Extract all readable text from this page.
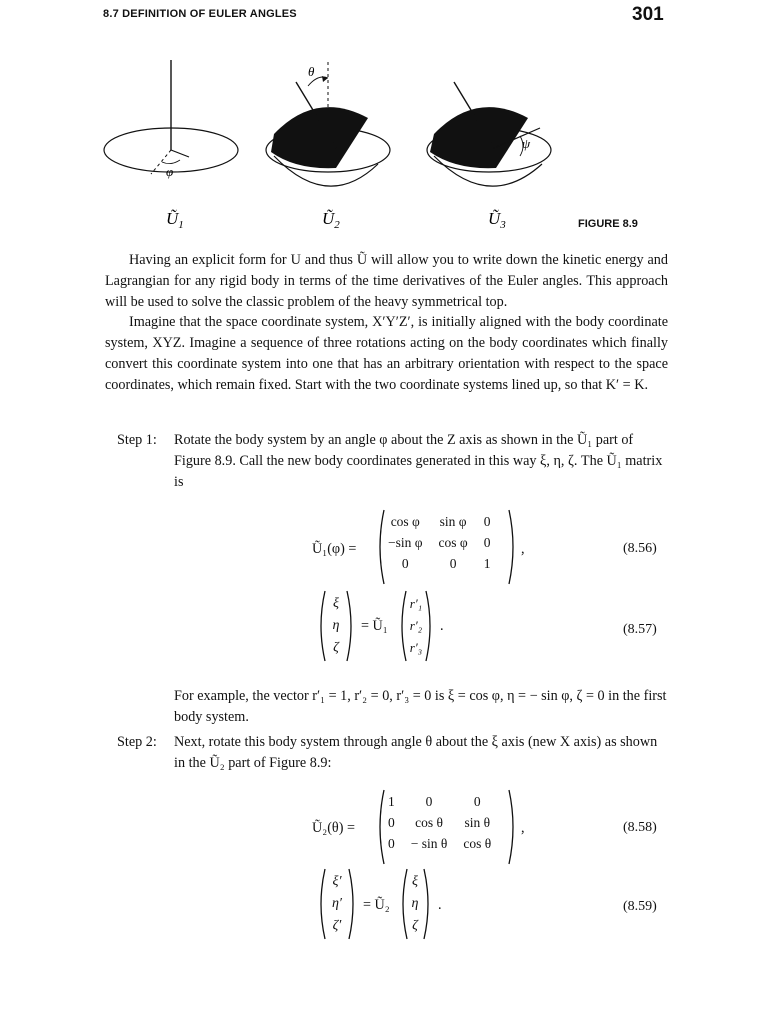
8.7 DEFINITION OF EULER ANGLES	301
φ
θ
ψ
$Ũ_1$	$Ũ_2$	$Ũ_3$	FIGURE 8.9

Having an explicit form for U and thus Ũ will allow you to write down the kinetic energy and Lagrangian for any rigid body in terms of the time derivatives of the Euler angles. This approach will be used to solve the classic problem of the heavy symmetrical top.

Imagine that the space coordinate system, X′Y′Z′, is initially aligned with the body coordinate system, XYZ. Imagine a sequence of three rotations acting on the body coordinates which finally convert this coordinate system into one that has an arbitrary orientation with respect to the space coordinates, which remain fixed. Start with the two coordinate systems lined up, so that K′ = K.

Step 1: Rotate the body system by an angle φ about the Z axis as shown in the Ũ₁ part of Figure 8.9. Call the new body coordinates generated in this way ξ, η, ζ. The Ũ₁ matrix is
Ũ₁(φ) =
cos φ	sin φ	0
−sin φ	cos φ	0
0	0	1
,	(8.56)
ξ
η
ζ
= Ũ₁
r′₁
r′₂
r′₃
.	(8.57)
For example, the vector r′₁ = 1, r′₂ = 0, r′₃ = 0 is ξ = cos φ, η = − sin φ, ζ = 0 in the first body system.
Step 2: Next, rotate this body system through angle θ about the ξ axis (new X axis) as shown in the Ũ₂ part of Figure 8.9:
Ũ₂(θ) =
1	0	0
0	cos θ	sin θ
0	− sin θ	cos θ
,	(8.58)
ξ′
η′
ζ′
= Ũ₂
ξ
η
ζ
.	(8.59)
